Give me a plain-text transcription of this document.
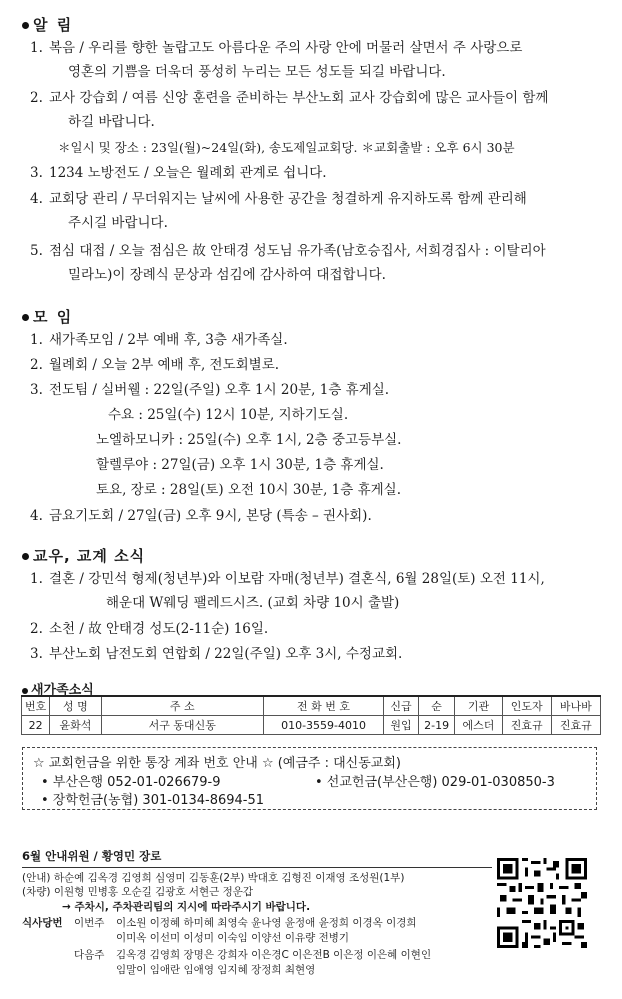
알 림
1. 복음 / 우리를 향한 놀랍고도 아름다운 주의 사랑 안에 머물러 살면서 주 사랑으로
영혼의 기쁨을 더욱더 풍성히 누리는 모든 성도들 되길 바랍니다.
2. 교사 강습회 / 여름 신앙 훈련을 준비하는 부산노회 교사 강습회에 많은 교사들이 함께
하길 바랍니다.
＊일시 및 장소 : 23일(월)~24일(화), 송도제일교회당. ＊교회출발 : 오후 6시 30분
3. 1234 노방전도 / 오늘은 월례회 관계로 쉽니다.
4. 교회당 관리 / 무더워지는 날씨에 사용한 공간을 청결하게 유지하도록 함께 관리해
주시길 바랍니다.
5. 점심 대접 / 오늘 점심은 故 안태경 성도님 유가족(남호승집사, 서희경집사 : 이탈리아
밀라노)이 장례식 문상과 섬김에 감사하여 대접합니다.
모 임
1. 새가족모임 / 2부 예배 후, 3층 새가족실.
2. 월례회 / 오늘 2부 예배 후, 전도회별로.
3. 전도팀 / 실버웰 : 22일(주일) 오후 1시 20분, 1층 휴게실.
수요 : 25일(수) 12시 10분, 지하기도실.
노엘하모니카 : 25일(수) 오후 1시, 2층 중고등부실.
할렐루야 : 27일(금) 오후 1시 30분, 1층 휴게실.
토요, 장로 : 28일(토) 오전 10시 30분, 1층 휴게실.
4. 금요기도회 / 27일(금) 오후 9시, 본당 (특송 – 권사회).
교우, 교계 소식
1. 결혼 / 강민석 형제(청년부)와 이보람 자매(청년부) 결혼식, 6월 28일(토) 오전 11시,
해운대 W웨딩 팰레드시즈. (교회 차량 10시 출발)
2. 소천 / 故 안태경 성도(2-11순) 16일.
3. 부산노회 남전도회 연합회 / 22일(주일) 오후 3시, 수정교회.
새가족소식
번호	성 명	주 소	전 화 번 호	신급	순	기관	인도자	바나바
22	윤화석	서구 동대신동	010-3559-4010	원입	2-19	에스더	진효규	진효규
☆ 교회헌금을 위한 통장 계좌 번호 안내 ☆ (예금주 : 대신동교회)
• 부산은행 052-01-026679-9	• 선교헌금(부산은행) 029-01-030850-3
• 장학헌금(농협) 301-0134-8694-51
6월 안내위원 / 황영민 장로
(안내) 하순예 김옥경 김영희 심영미 김동훈(2부) 박대호 김형진 이재영 조성원(1부)
(차량) 이원형 민병홍 오순길 김광호 서현근 정운갑
→ 주차시, 주차관리팀의 지시에 따라주시기 바랍니다.
식사당번 이번주 이소원 이정혜 하미혜 최영숙 윤나영 윤정애 윤정희 이경옥 이경희
이미옥 이선미 이성미 이숙임 이양선 이유량 전병기
다음주 김옥경 김영희 장명은 강희자 이은경C 이은전B 이은정 이은혜 이현인
임말이 임애란 임애영 임지혜 장정희 최현영
